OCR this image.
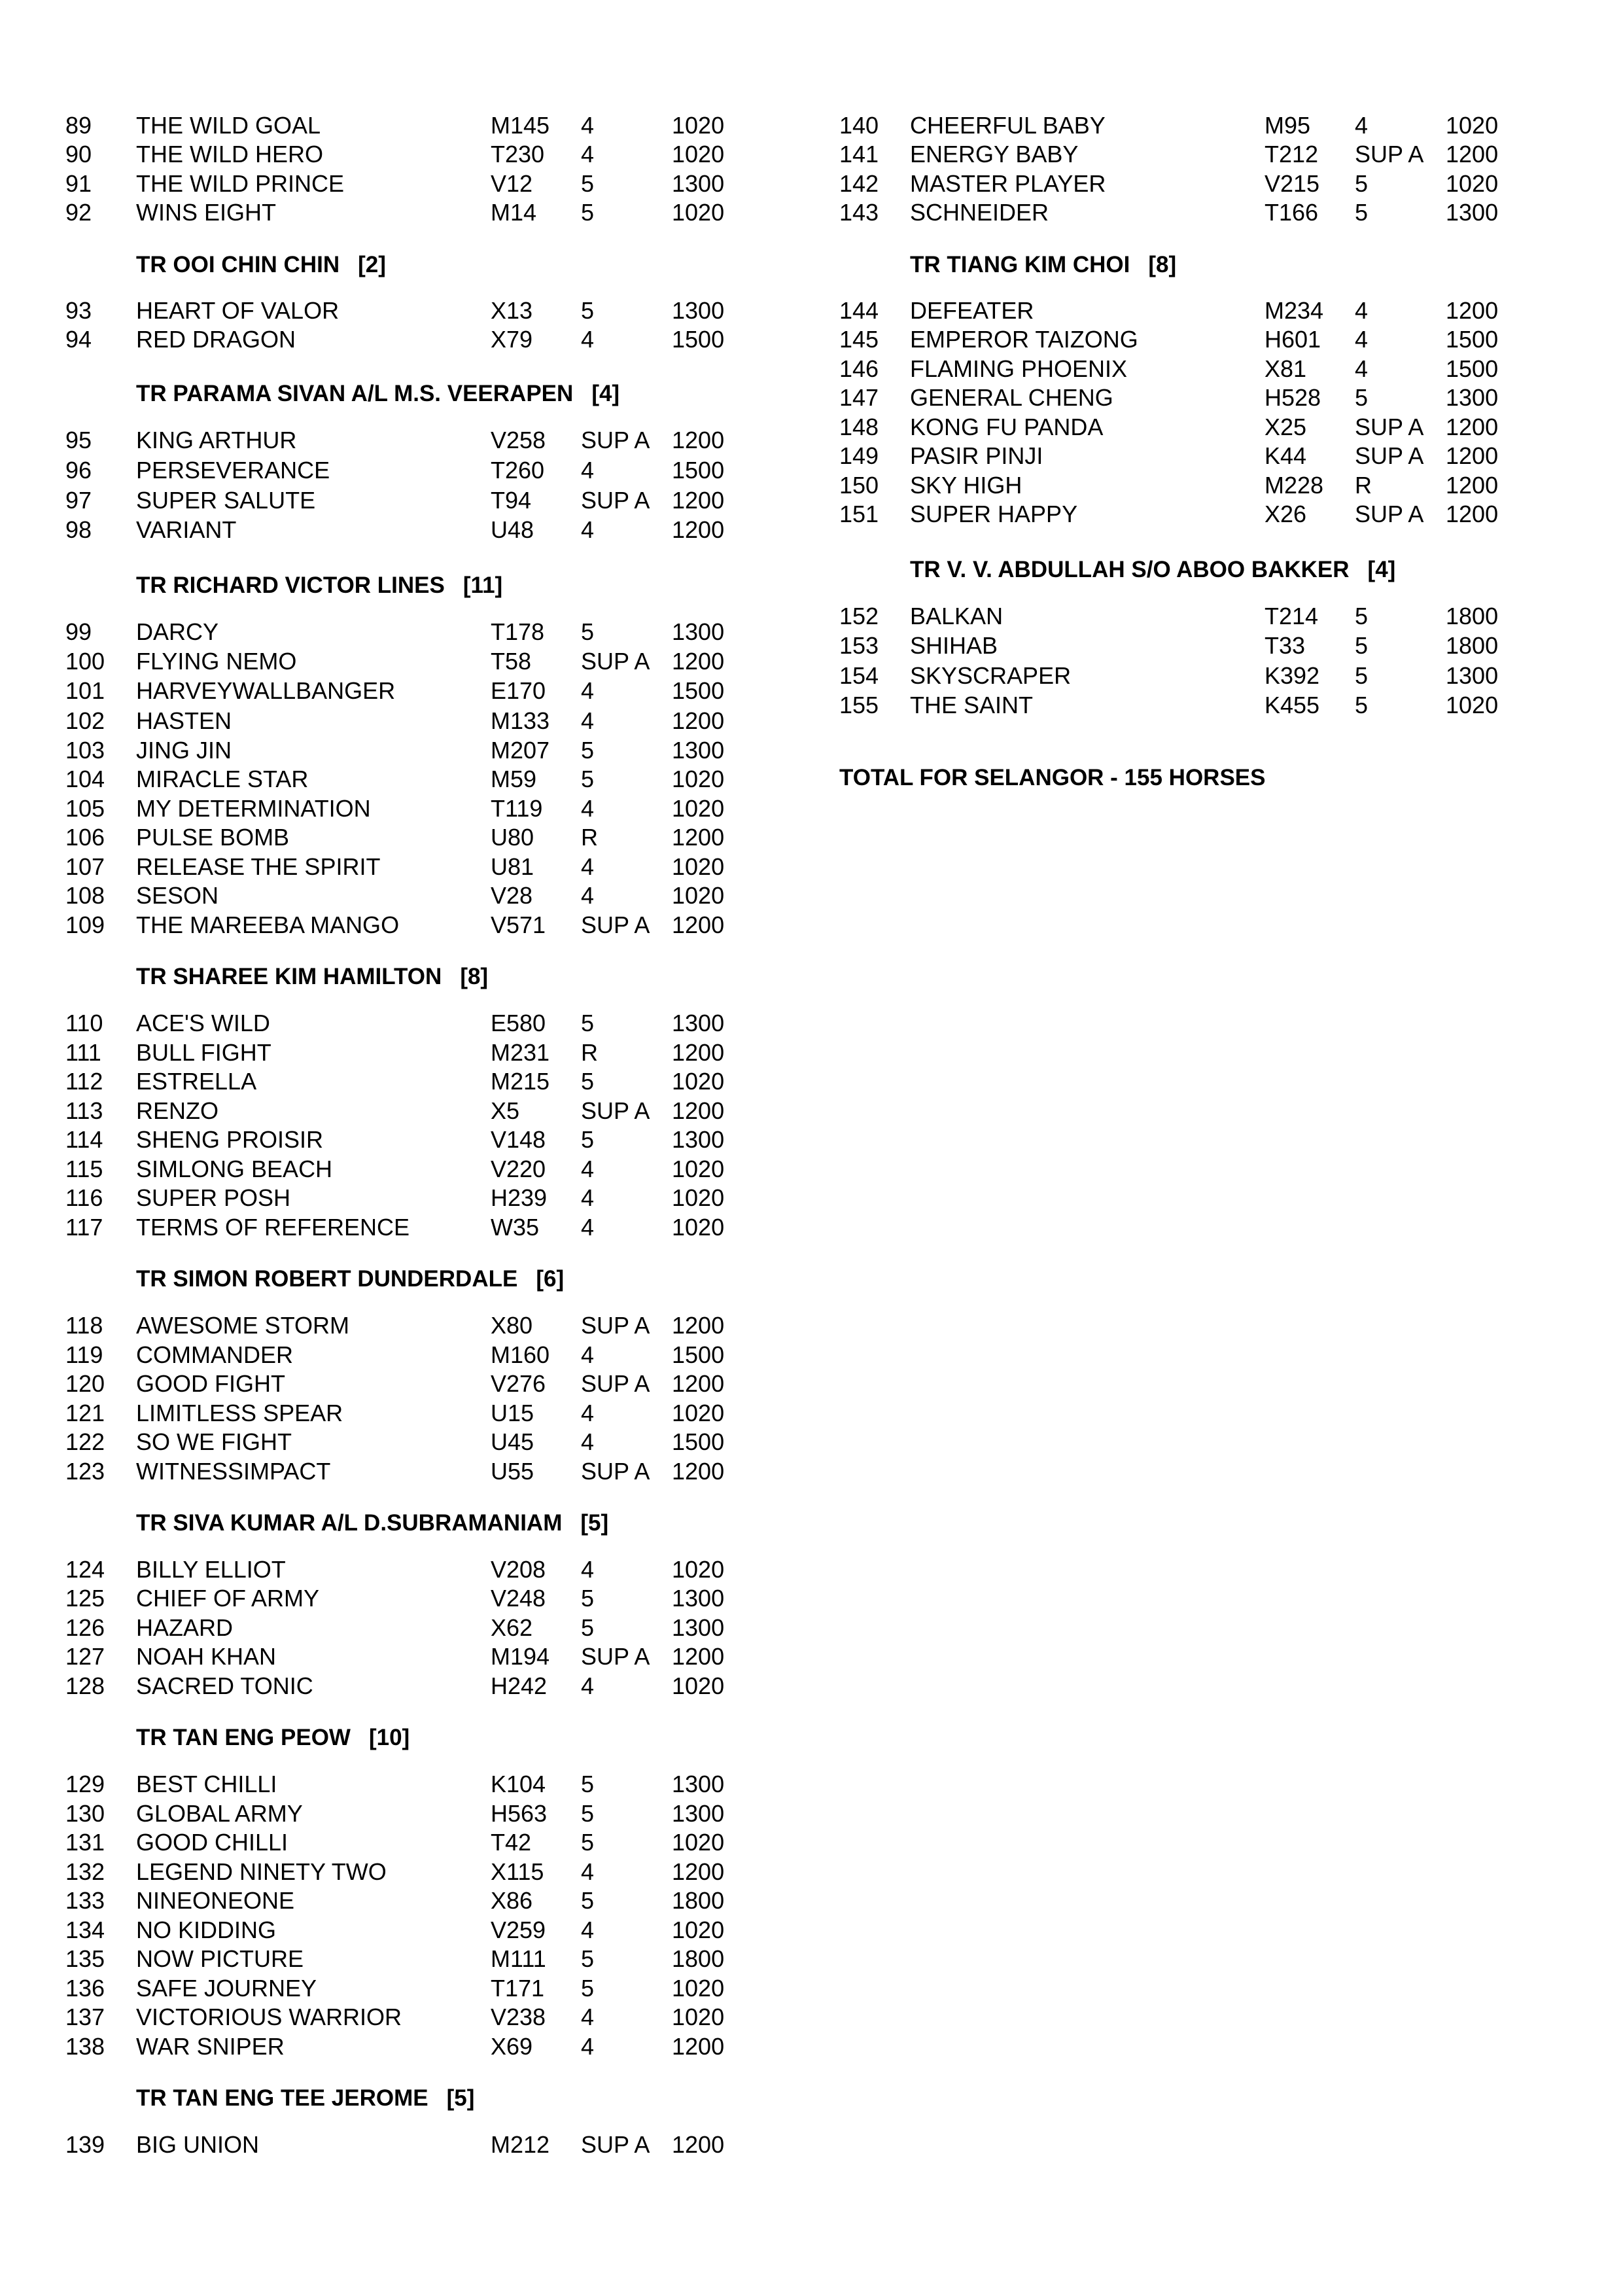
89 THE WILD GOAL	M145 4	1020
90 THE WILD HERO	T230 4	1020
91 THE WILD PRINCE	V12 5	1300
92 WINS EIGHT	M14 5	1020
TR OOI CHIN CHIN [2]
93 HEART OF VALOR	X13 5	1300
94 RED DRAGON	X79 4	1500
TR PARAMA SIVAN A/L M.S. VEERAPEN [4]
95 KING ARTHUR	V258 SUP A 1200
96 PERSEVERANCE	T260 4	1500
97 SUPER SALUTE	T94 SUP A 1200
98 VARIANT	U48 4	1200
TR RICHARD VICTOR LINES [11]
99 DARCY	T178 5	1300
100 FLYING NEMO	T58 SUP A 1200
101 HARVEYWALLBANGER	E170 4	1500
102 HASTEN	M133 4	1200
103 JING JIN	M207 5	1300
104 MIRACLE STAR	M59 5	1020
105 MY DETERMINATION	T119 4	1020
106 PULSE BOMB	U80 R	1200
107 RELEASE THE SPIRIT	U81 4	1020
108 SESON	V28 4	1020
109 THE MAREEBA MANGO	V571 SUP A 1200
TR SHAREE KIM HAMILTON [8]
110 ACE'S WILD	E580 5	1300
111 BULL FIGHT	M231 R	1200
112 ESTRELLA	M215 5	1020
113 RENZO	X5	SUP A 1200
114 SHENG PROISIR	V148 5	1300
115 SIMLONG BEACH	V220 4	1020
116 SUPER POSH	H239 4	1020
117 TERMS OF REFERENCE	W35 4	1020
TR SIMON ROBERT DUNDERDALE [6]
118 AWESOME STORM	X80 SUP A 1200
119 COMMANDER	M160 4	1500
120 GOOD FIGHT	V276 SUP A 1200
121 LIMITLESS SPEAR	U15 4	1020
122 SO WE FIGHT	U45 4	1500
123 WITNESSIMPACT	U55 SUP A 1200
TR SIVA KUMAR A/L D.SUBRAMANIAM [5]
124 BILLY ELLIOT	V208 4	1020
125 CHIEF OF ARMY	V248 5	1300
126 HAZARD	X62 5	1300
127 NOAH KHAN	M194 SUP A 1200
128 SACRED TONIC	H242 4	1020
TR TAN ENG PEOW [10]
129 BEST CHILLI	K104 5	1300
130 GLOBAL ARMY	H563 5	1300
131 GOOD CHILLI	T42 5	1020
132 LEGEND NINETY TWO	X115 4	1200
133 NINEONEONE	X86 5	1800
134 NO KIDDING	V259 4	1020
135 NOW PICTURE	M111 5	1800
136 SAFE JOURNEY	T171 5	1020
137 VICTORIOUS WARRIOR	V238 4	1020
138 WAR SNIPER	X69 4	1200
TR TAN ENG TEE JEROME [5]
139 BIG UNION	M212 SUP A 1200
140 CHEERFUL BABY	M95 4	1020
141 ENERGY BABY	T212 SUP A 1200
142 MASTER PLAYER	V215 5	1020
143 SCHNEIDER	T166 5	1300
TR TIANG KIM CHOI [8]
144 DEFEATER	M234 4	1200
145 EMPEROR TAIZONG	H601 4	1500
146 FLAMING PHOENIX	X81 4	1500
147 GENERAL CHENG	H528 5	1300
148 KONG FU PANDA	X25 SUP A 1200
149 PASIR PINJI	K44 SUP A 1200
150 SKY HIGH	M228 R	1200
151 SUPER HAPPY	X26 SUP A 1200
TR V. V. ABDULLAH S/O ABOO BAKKER [4]
152 BALKAN	T214 5	1800
153 SHIHAB	T33 5	1800
154 SKYSCRAPER	K392 5	1300
155 THE SAINT	K455 5	1020
TOTAL FOR SELANGOR - 155 HORSES
